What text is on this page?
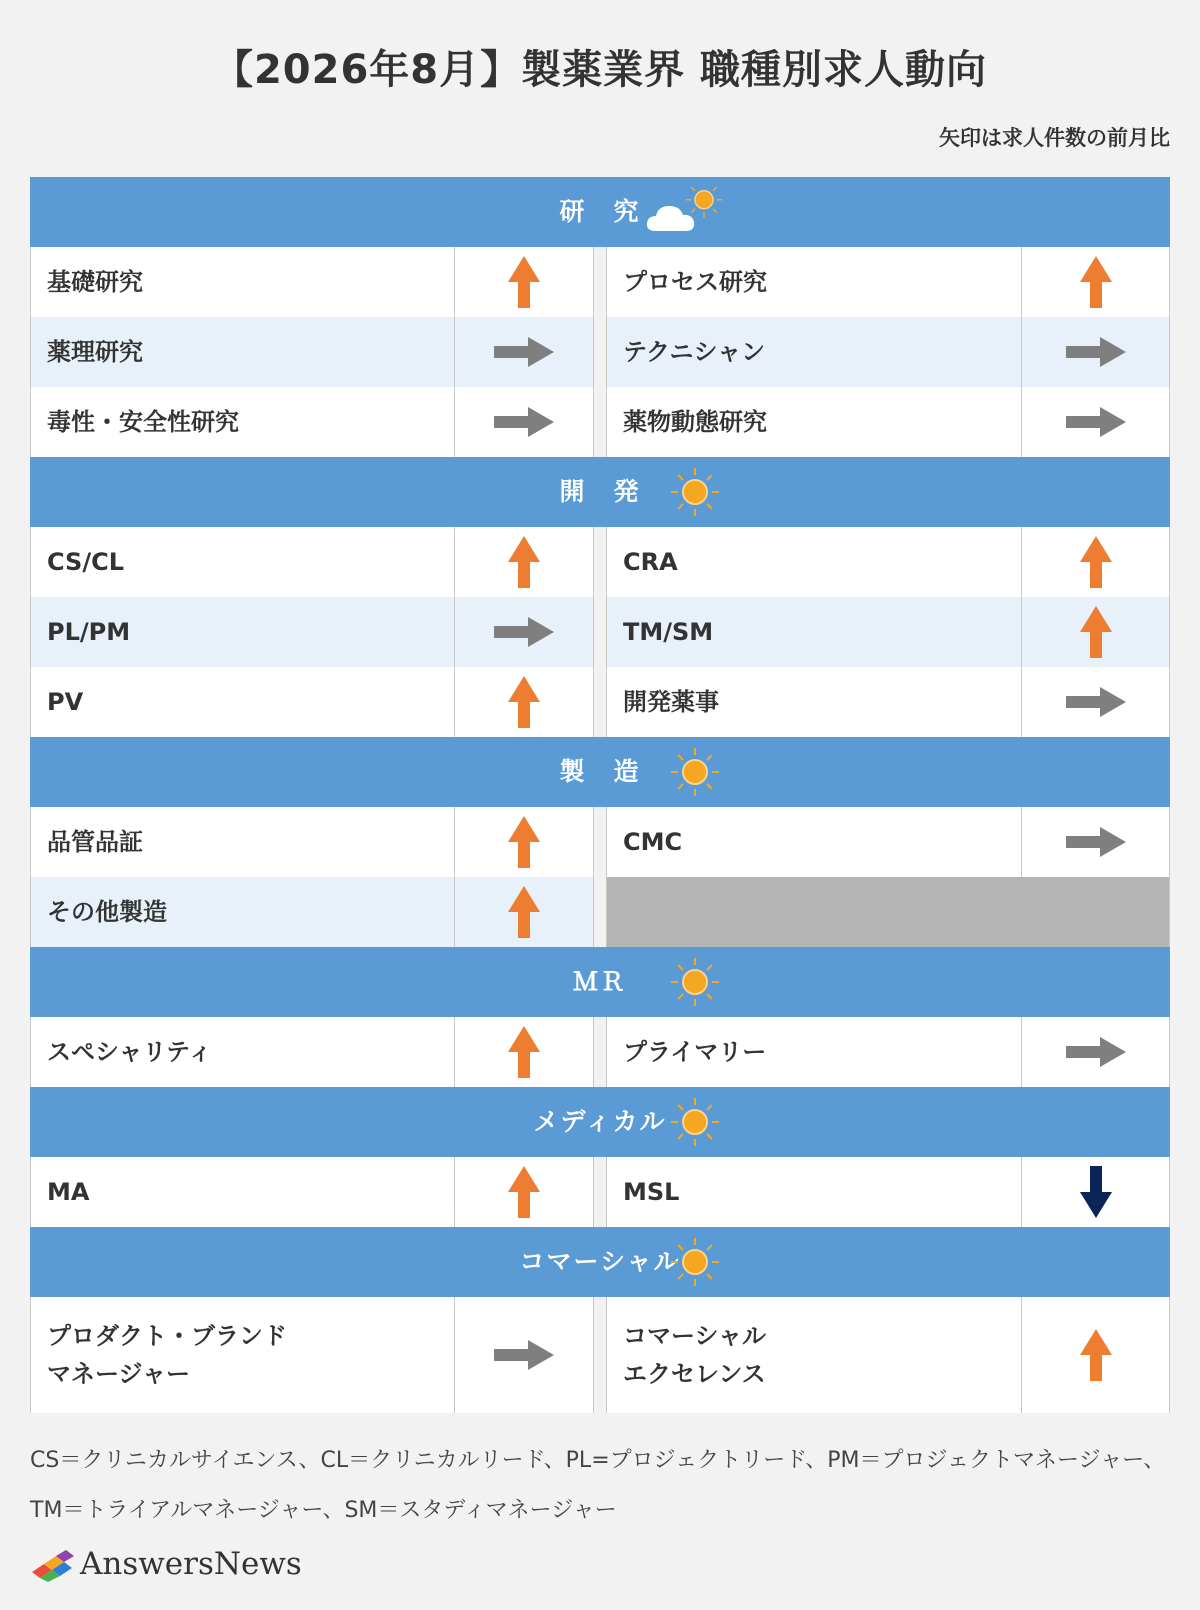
【2026年8月】製薬業界 職種別求人動向
矢印は求人件数の前月比
研　究
基礎研究
薬理研究
毒性・安全性研究
プロセス研究
テクニシャン
薬物動態研究
開　発
CS/CL
PL/PM
PV
CRA
TM/SM
開発薬事
製　造
品管品証
その他製造
CMC
ＭＲ
スペシャリティ	プライマリー
メディカル
MA	MSL
コマーシャル
プロダクト・ブランド
マネージャー
コマーシャル
エクセレンス
CS＝クリニカルサイエンス、CL＝クリニカルリード、PL=プロジェクトリード、PM＝プロジェクトマネージャー、TM＝トライアルマネージャー、SM＝スタディマネージャー
AnswersNews
